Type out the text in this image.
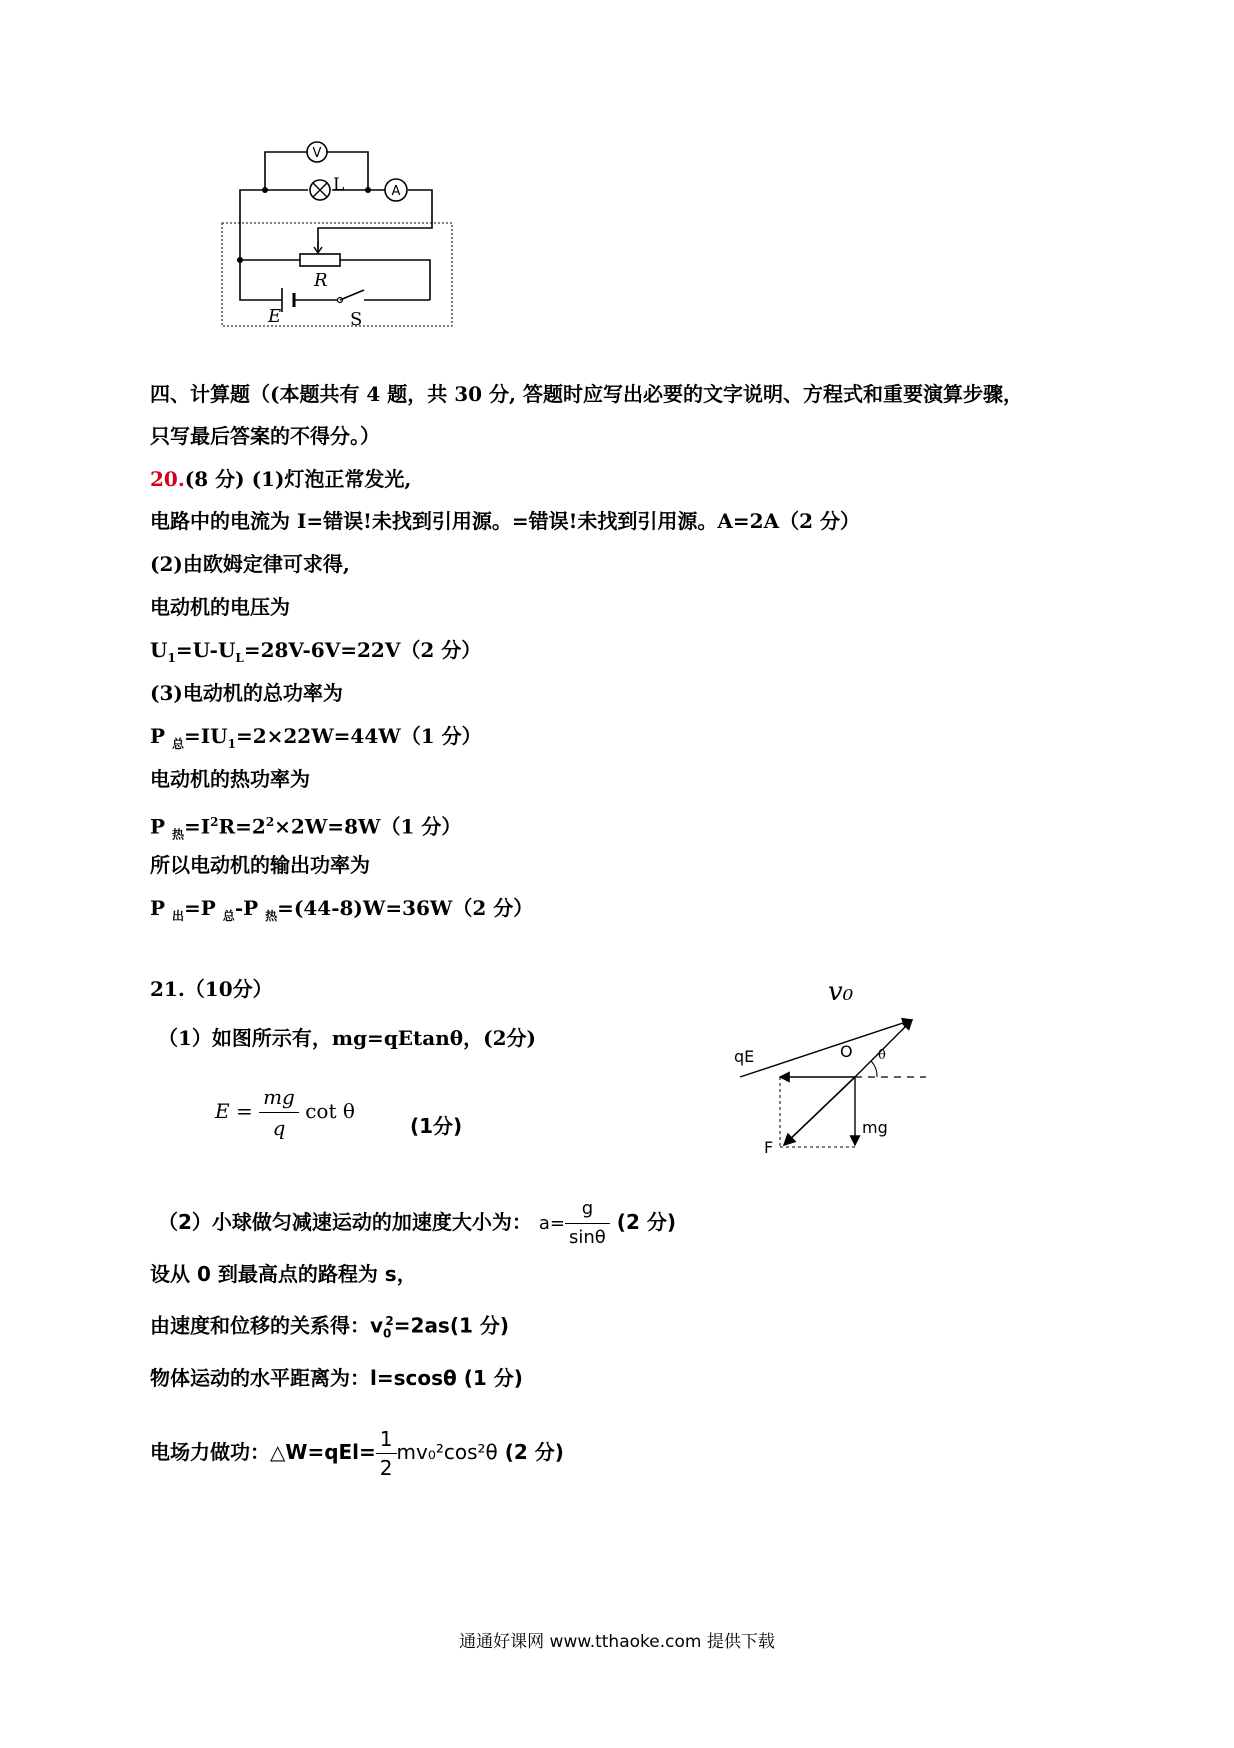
V
L	A
R
E	S
四、计算题（(本题共有 4 题，共 30 分, 答题时应写出必要的文字说明、方程式和重要演算步骤，
只写最后答案的不得分。）
20.(8 分) (1)灯泡正常发光,
电路中的电流为 I=错误!未找到引用源。=错误!未找到引用源。A=2A（2 分）
(2)由欧姆定律可求得,
电动机的电压为
$U_1=U-U_L=28V-6V=22V(2$ 分）
(3)电动机的总功率为
P $_总=IU_1=2\times 22W=44W(1$ 分）
电动机的热功率为
P $_热=I^2R=2^2\times 2W=8W(1$ 分）
所以电动机的输出功率为
P $_出$=P $_总$-P $_热$=(44-8)W=36W（2 分）
21.（10分）
（1）如图所示有，mg=qEtanθ，(2分)
$E = \frac{mg}{q}$ cot θ
(1分)
v₀
O θ
qE
mg
F
（2）小球做匀减速运动的加速度大小为： $a= \frac{g}{\sin\theta} (2$ 分)
设从 0 到最高点的路程为 s，
由速度和位移的关系得：$v_0^2=2as(1$ 分)
物体运动的水平距离为：l=scosθ (1 分)
电场力做功：△W=qEl= $\frac{1}{2} mv_0^2\cos^2\theta$ (2 分)
通通好课网 www.tthaoke.com 提供下载
